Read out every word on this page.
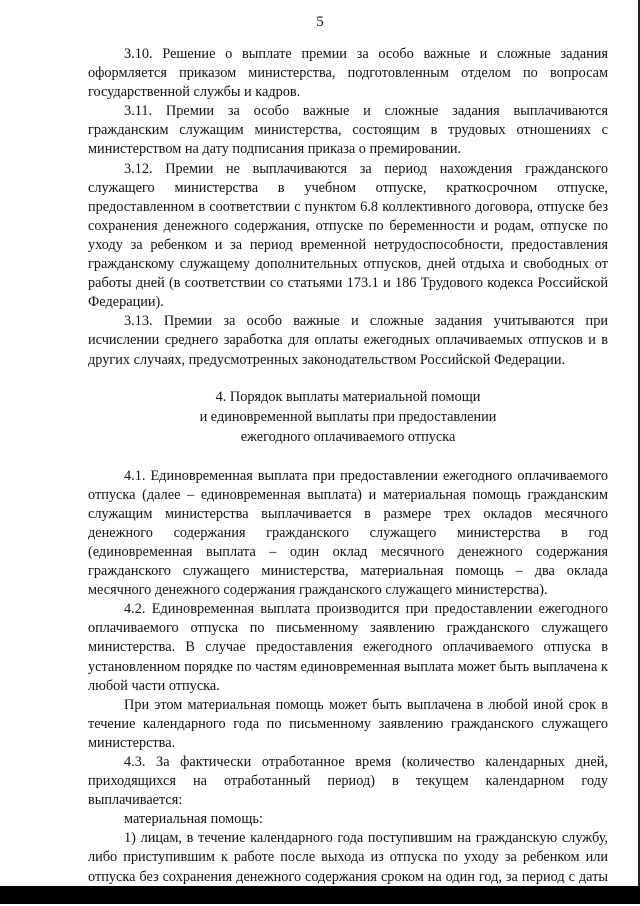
5

3.10. Решение о выплате премии за особо важные и сложные задания оформляется приказом министерства, подготовленным отделом по вопросам государственной службы и кадров.

3.11. Премии за особо важные и сложные задания выплачиваются гражданским служащим министерства, состоящим в трудовых отношениях с министерством на дату подписания приказа о премировании.

3.12. Премии не выплачиваются за период нахождения гражданского служащего министерства в учебном отпуске, краткосрочном отпуске, предоставленном в соответствии с пунктом 6.8 коллективного договора, отпуске без сохранения денежного содержания, отпуске по беременности и родам, отпуске по уходу за ребенком и за период временной нетрудоспособности, предоставления гражданскому служащему дополнительных отпусков, дней отдыха и свободных от работы дней (в соответствии со статьями 173.1 и 186 Трудового кодекса Российской Федерации).

3.13. Премии за особо важные и сложные задания учитываются при исчислении среднего заработка для оплаты ежегодных оплачиваемых отпусков и в других случаях, предусмотренных законодательством Российской Федерации.

4. Порядок выплаты материальной помощи
и единовременной выплаты при предоставлении
ежегодного оплачиваемого отпуска

4.1. Единовременная выплата при предоставлении ежегодного оплачиваемого отпуска (далее – единовременная выплата) и материальная помощь гражданским служащим министерства выплачивается в размере трех окладов месячного денежного содержания гражданского служащего министерства в год (единовременная выплата – один оклад месячного денежного содержания гражданского служащего министерства, материальная помощь – два оклада месячного денежного содержания гражданского служащего министерства).

4.2. Единовременная выплата производится при предоставлении ежегодного оплачиваемого отпуска по письменному заявлению гражданского служащего министерства. В случае предоставления ежегодного оплачиваемого отпуска в установленном порядке по частям единовременная выплата может быть выплачена к любой части отпуска.

При этом материальная помощь может быть выплачена в любой иной срок в течение календарного года по письменному заявлению гражданского служащего министерства.

4.3. За фактически отработанное время (количество календарных дней, приходящихся на отработанный период) в текущем календарном году выплачивается:

материальная помощь:

1) лицам, в течение календарного года поступившим на гражданскую службу, либо приступившим к работе после выхода из отпуска по уходу за ребенком или отпуска без сохранения денежного содержания сроком на один год, за период с даты
